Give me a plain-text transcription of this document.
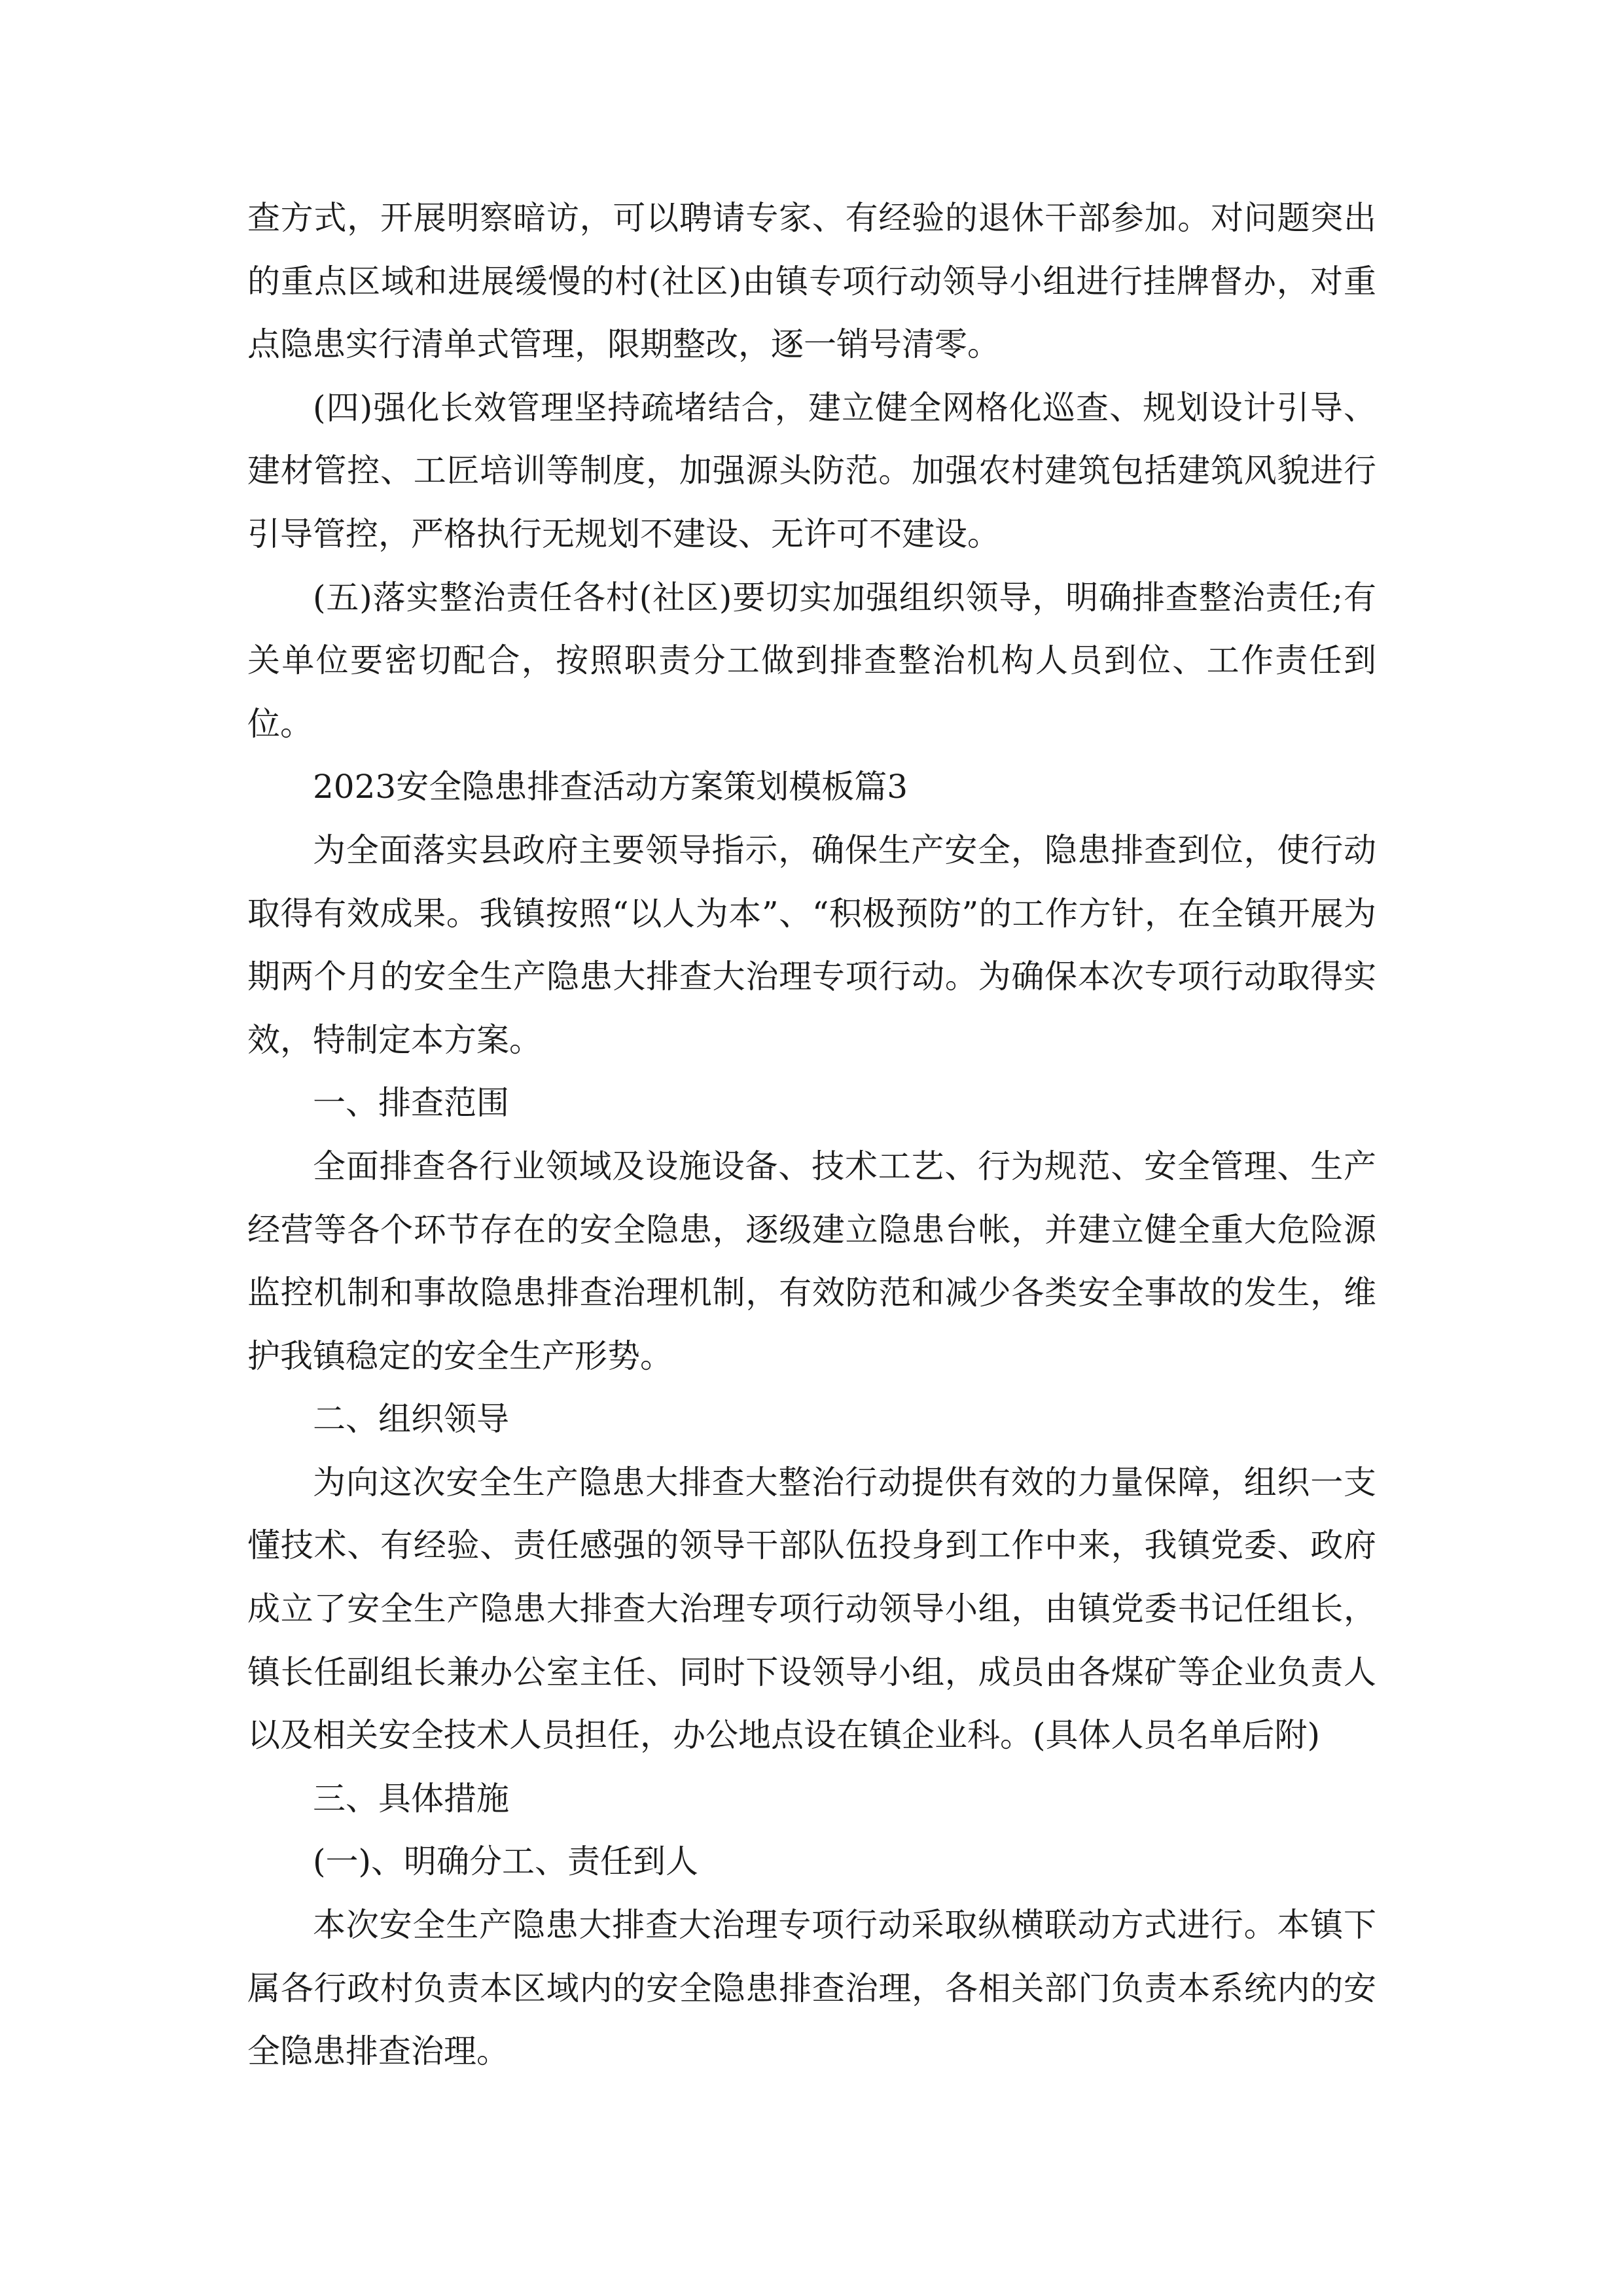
查方式，开展明察暗访，可以聘请专家、有经验的退休干部参加。对问题突出的重点区域和进展缓慢的村(社区)由镇专项行动领导小组进行挂牌督办，对重点隐患实行清单式管理，限期整改，逐一销号清零。

(四)强化长效管理坚持疏堵结合，建立健全网格化巡查、规划设计引导、建材管控、工匠培训等制度，加强源头防范。加强农村建筑包括建筑风貌进行引导管控，严格执行无规划不建设、无许可不建设。

(五)落实整治责任各村(社区)要切实加强组织领导，明确排查整治责任;有关单位要密切配合，按照职责分工做到排查整治机构人员到位、工作责任到位。

2023安全隐患排查活动方案策划模板篇3

为全面落实县政府主要领导指示，确保生产安全，隐患排查到位，使行动取得有效成果。我镇按照“以人为本”、“积极预防”的工作方针，在全镇开展为期两个月的安全生产隐患大排查大治理专项行动。为确保本次专项行动取得实效，特制定本方案。

一、排查范围

全面排查各行业领域及设施设备、技术工艺、行为规范、安全管理、生产经营等各个环节存在的安全隐患，逐级建立隐患台帐，并建立健全重大危险源监控机制和事故隐患排查治理机制，有效防范和减少各类安全事故的发生，维护我镇稳定的安全生产形势。

二、组织领导

为向这次安全生产隐患大排查大整治行动提供有效的力量保障，组织一支懂技术、有经验、责任感强的领导干部队伍投身到工作中来，我镇党委、政府成立了安全生产隐患大排查大治理专项行动领导小组，由镇党委书记任组长，镇长任副组长兼办公室主任、同时下设领导小组，成员由各煤矿等企业负责人以及相关安全技术人员担任，办公地点设在镇企业科。(具体人员名单后附)

三、具体措施

(一)、明确分工、责任到人

本次安全生产隐患大排查大治理专项行动采取纵横联动方式进行。本镇下属各行政村负责本区域内的安全隐患排查治理，各相关部门负责本系统内的安全隐患排查治理。
